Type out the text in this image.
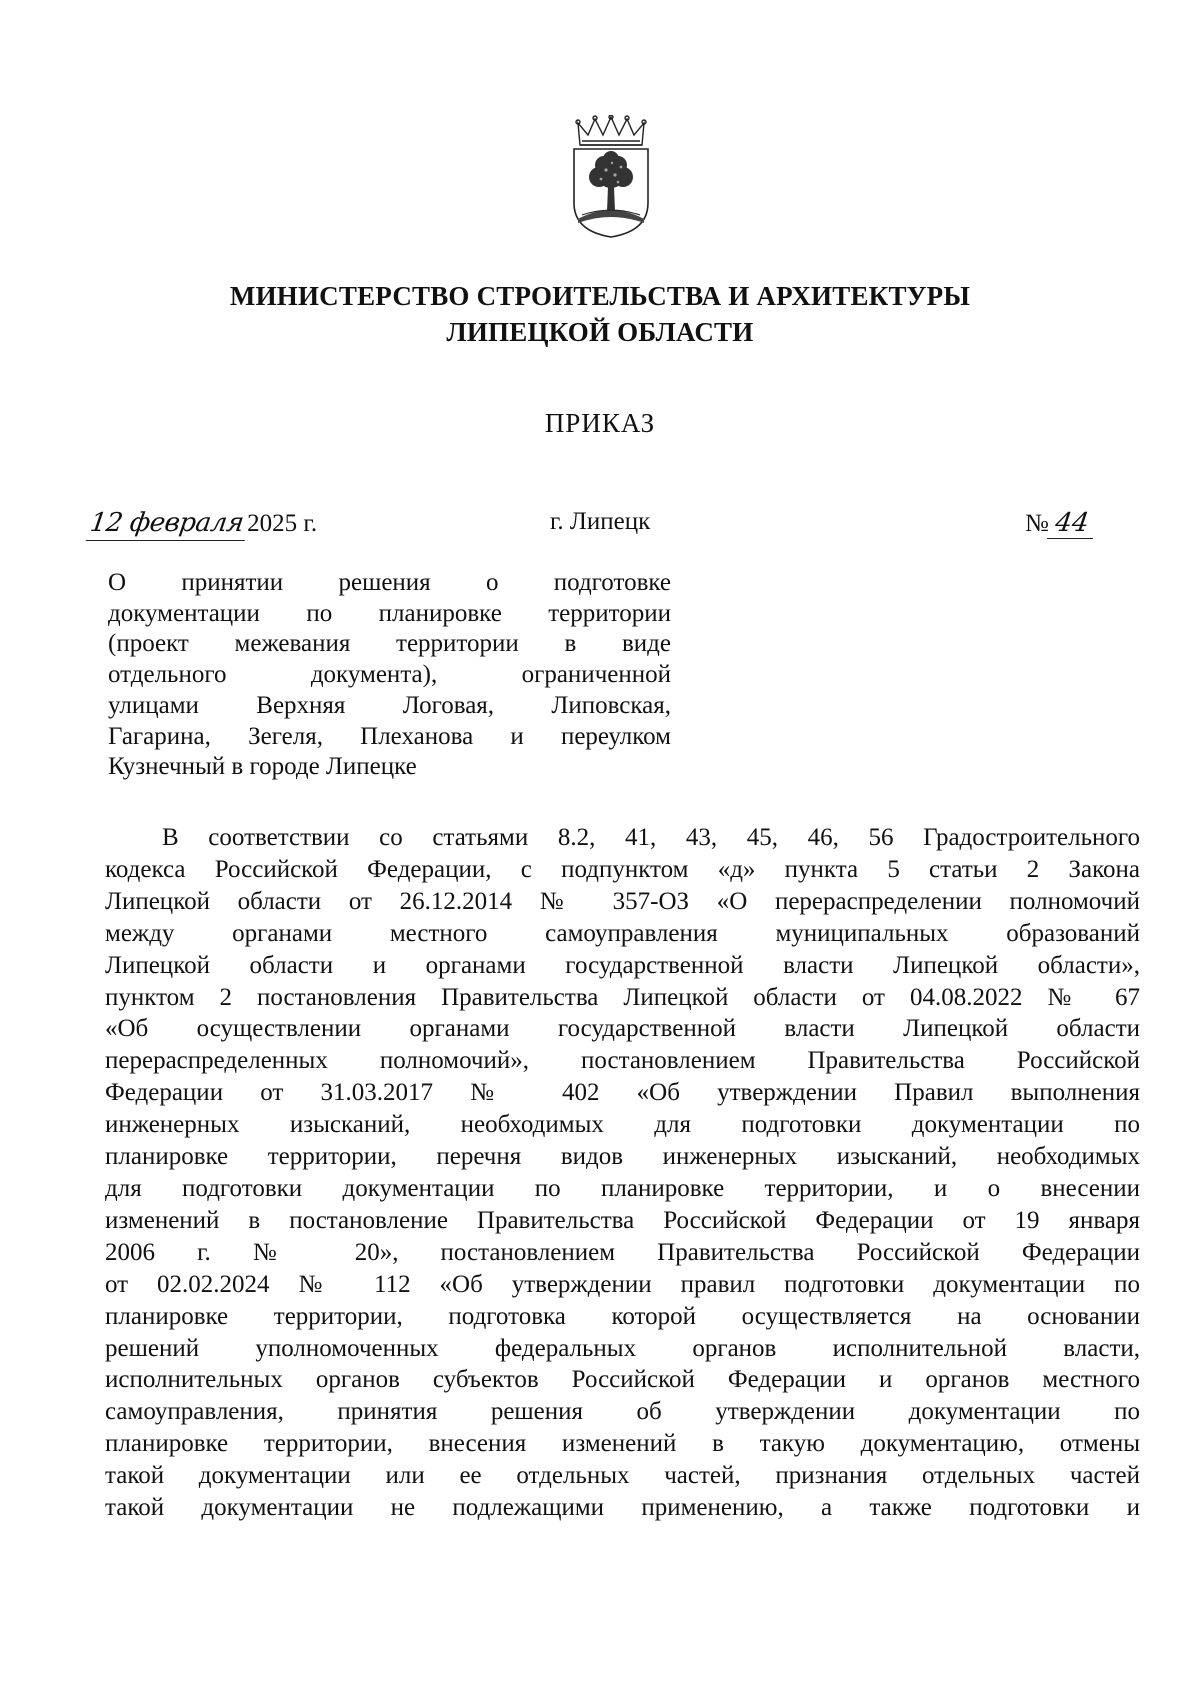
МИНИСТЕРСТВО СТРОИТЕЛЬСТВА И АРХИТЕКТУРЫ
ЛИПЕЦКОЙ ОБЛАСТИ
ПРИКАЗ
12 февраля2025 г.	г. Липецк	№ 44
О принятии решения о подготовке
документации по планировке территории
(проект межевания территории в виде
отдельного документа), ограниченной
улицами Верхняя Логовая, Липовская,
Гагарина, Зегеля, Плеханова и переулком
Кузнечный в городе Липецке
В соответствии со статьями 8.2, 41, 43, 45, 46, 56 Градостроительного
кодекса Российской Федерации, с подпунктом «д» пункта 5 статьи 2 Закона
Липецкой области от 26.12.2014 № 357-ОЗ «О перераспределении полномочий
между органами местного самоуправления муниципальных образований
Липецкой области и органами государственной власти Липецкой области»,
пунктом 2 постановления Правительства Липецкой области от 04.08.2022 № 67
«Об осуществлении органами государственной власти Липецкой области
перераспределенных полномочий», постановлением Правительства Российской
Федерации от 31.03.2017 № 402 «Об утверждении Правил выполнения
инженерных изысканий, необходимых для подготовки документации по
планировке территории, перечня видов инженерных изысканий, необходимых
для подготовки документации по планировке территории, и о внесении
изменений в постановление Правительства Российской Федерации от 19 января
2006 г. № 20», постановлением Правительства Российской Федерации
от 02.02.2024 № 112 «Об утверждении правил подготовки документации по
планировке территории, подготовка которой осуществляется на основании
решений уполномоченных федеральных органов исполнительной власти,
исполнительных органов субъектов Российской Федерации и органов местного
самоуправления, принятия решения об утверждении документации по
планировке территории, внесения изменений в такую документацию, отмены
такой документации или ее отдельных частей, признания отдельных частей
такой документации не подлежащими применению, а также подготовки и
